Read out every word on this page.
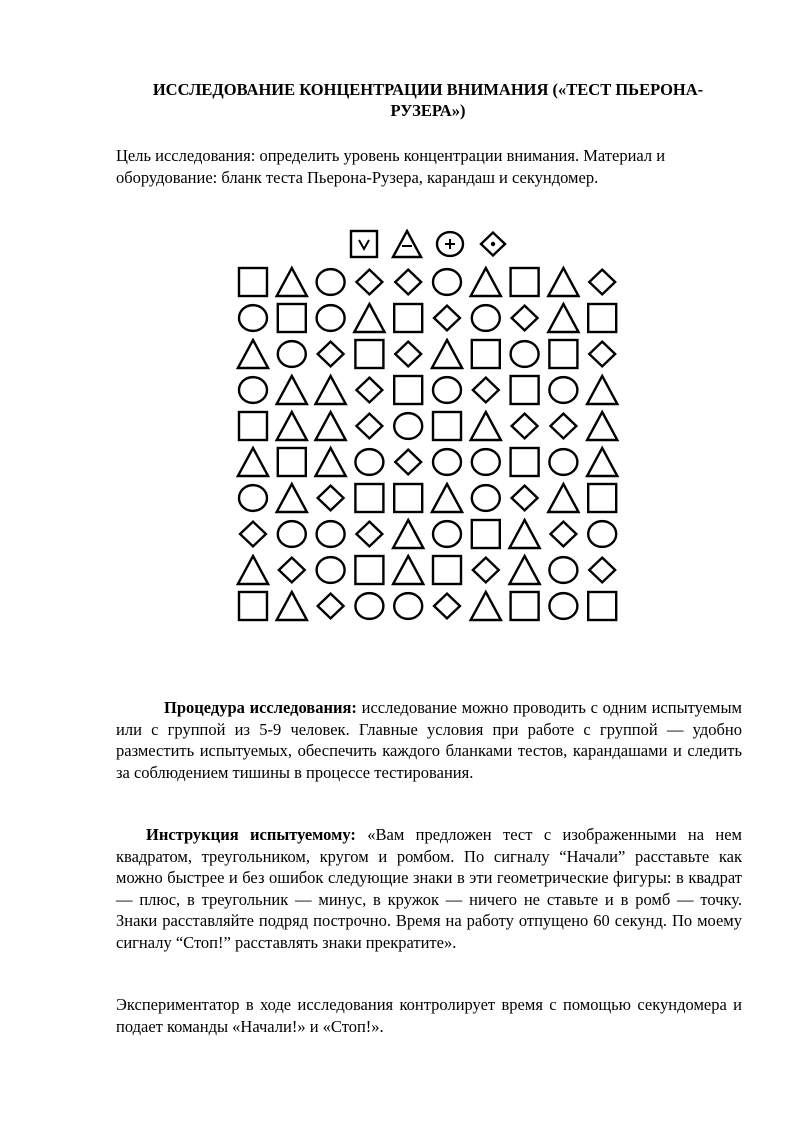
ИССЛЕДОВАНИЕ КОНЦЕНТРАЦИИ ВНИМАНИЯ («ТЕСТ ПЬЕРОНА-РУЗЕРА»)
Цель исследования: определить уровень концентрации внимания. Материал и оборудование: бланк теста Пьерона-Рузера, карандаш и секундомер.
Процедура исследования: исследование можно проводить с одним испытуемым или с группой из 5-9 человек. Главные условия при работе с группой — удобно разместить испытуемых, обеспечить каждого бланками тестов, карандашами и следить за соблюдением тишины в процессе тестирования.
Инструкция испытуемому: «Вам предложен тест с изображенными на нем квадратом, треугольником, кругом и ромбом. По сигналу “Начали” расставьте как можно быстрее и без ошибок следующие знаки в эти геометрические фигуры: в квадрат — плюс, в треугольник — минус, в кружок — ничего не ставьте и в ромб — точку. Знаки расставляйте подряд построчно. Время на работу отпущено 60 секунд. По моему сигналу “Стоп!” расставлять знаки прекратите».
Экспериментатор в ходе исследования контролирует время с помощью секундомера и подает команды «Начали!» и «Стоп!».
